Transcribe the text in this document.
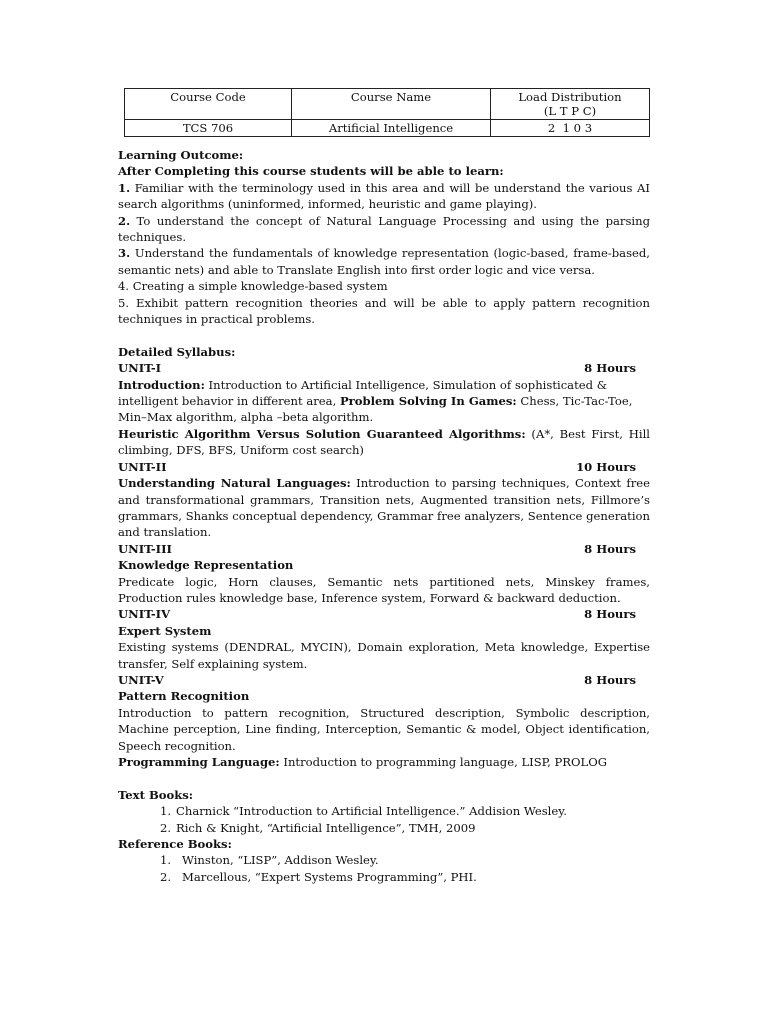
Course Code	Course Name	Load Distribution
(L T P C)

TCS 706	Artificial Intelligence	2  1 0 3

Learning Outcome:

After Completing this course students will be able to learn:

1. Familiar with the terminology used in this area and will be understand the various AI search algorithms (uninformed, informed, heuristic and game playing).

2. To understand the concept of Natural Language Processing and using the parsing techniques.

3. Understand the fundamentals of knowledge representation (logic-based, frame-based, semantic nets) and able to Translate English into first order logic and vice versa.

4. Creating a simple knowledge-based system

5. Exhibit pattern recognition theories and will be able to apply pattern recognition techniques in practical problems.

Detailed Syllabus:

UNIT-I	8 Hours

Introduction: Introduction to Artificial Intelligence, Simulation of sophisticated & intelligent behavior in different area, Problem Solving In Games: Chess, Tic-Tac-Toe, Min–Max algorithm, alpha –beta algorithm.

Heuristic Algorithm Versus Solution Guaranteed Algorithms: (A*, Best First, Hill climbing, DFS, BFS, Uniform cost search)

UNIT-II	10 Hours

Understanding Natural Languages: Introduction to parsing techniques, Context free and transformational grammars, Transition nets, Augmented transition nets, Fillmore’s grammars, Shanks conceptual dependency, Grammar free analyzers, Sentence generation and translation.

UNIT-III	8 Hours

Knowledge Representation

Predicate logic, Horn clauses, Semantic nets partitioned nets, Minskey frames, Production rules knowledge base, Inference system, Forward & backward deduction.

UNIT-IV	8 Hours

Expert System

Existing systems (DENDRAL, MYCIN), Domain exploration, Meta knowledge, Expertise transfer, Self explaining system.

UNIT-V	8 Hours

Pattern Recognition

Introduction to pattern recognition, Structured description, Symbolic description, Machine perception, Line finding, Interception, Semantic & model, Object identification, Speech recognition.

Programming Language: Introduction to programming language, LISP, PROLOG

Text Books:

1. Charnick “Introduction to Artificial Intelligence.” Addision Wesley.
2. Rich & Knight, “Artificial Intelligence”, TMH, 2009

Reference Books:

1. Winston, “LISP”, Addison Wesley.
2. Marcellous, “Expert Systems Programming”, PHI.
